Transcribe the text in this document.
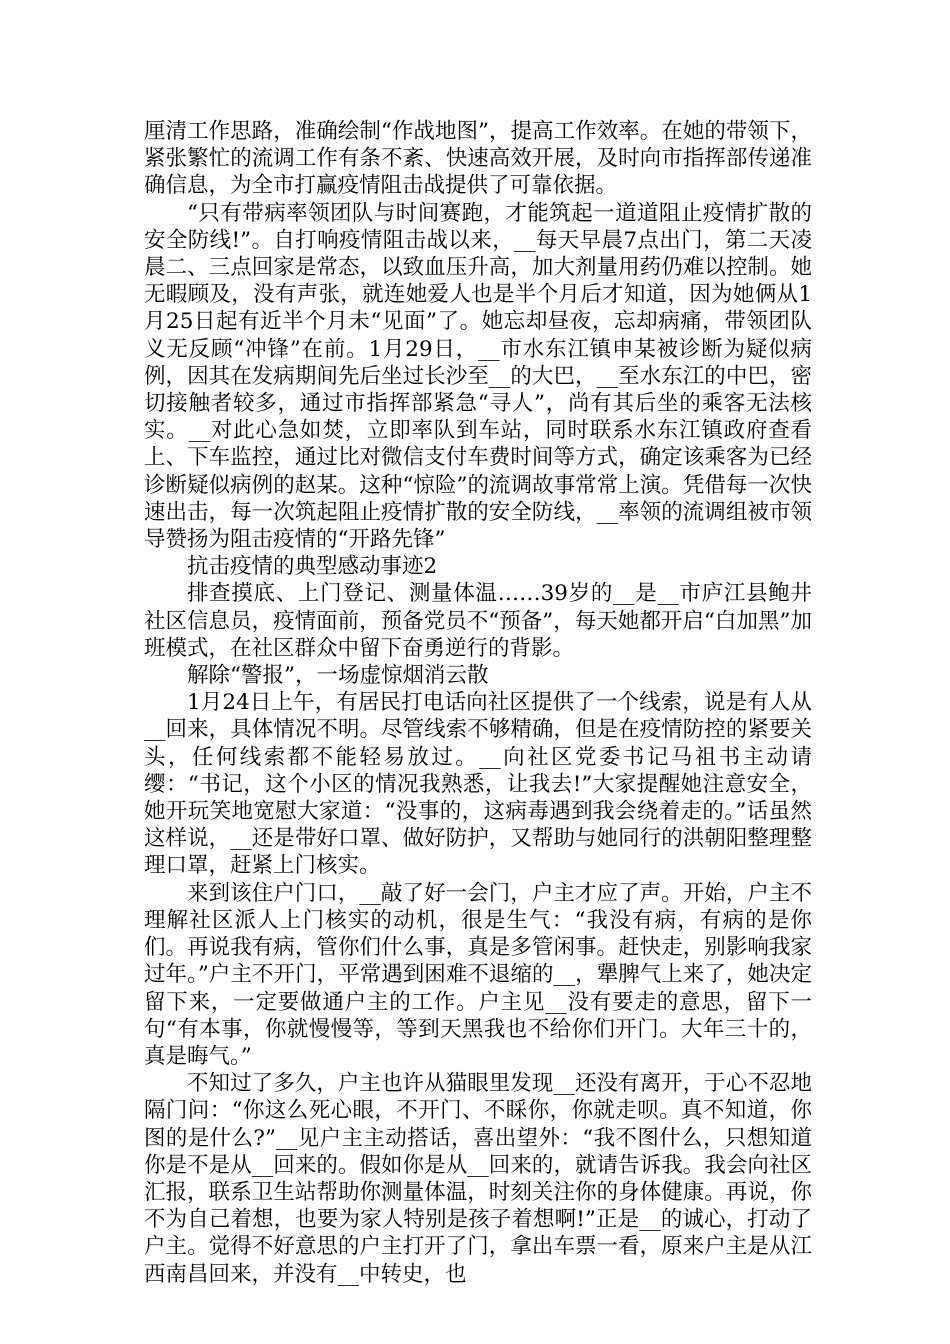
厘清工作思路，准确绘制“作战地图”，提高工作效率。在她的带领下，紧张繁忙的流调工作有条不紊、快速高效开展，及时向市指挥部传递准确信息，为全市打赢疫情阻击战提供了可靠依据。

“只有带病率领团队与时间赛跑，才能筑起一道道阻止疫情扩散的安全防线!”。自打响疫情阻击战以来，__每天早晨7点出门，第二天凌晨二、三点回家是常态，以致血压升高，加大剂量用药仍难以控制。她无暇顾及，没有声张，就连她爱人也是半个月后才知道，因为她俩从1月25日起有近半个月未“见面”了。她忘却昼夜，忘却病痛，带领团队义无反顾“冲锋”在前。1月29日，__市水东江镇申某被诊断为疑似病例，因其在发病期间先后坐过长沙至__的大巴，__至水东江的中巴，密切接触者较多，通过市指挥部紧急“寻人”，尚有其后坐的乘客无法核实。__对此心急如焚，立即率队到车站，同时联系水东江镇政府查看上、下车监控，通过比对微信支付车费时间等方式，确定该乘客为已经诊断疑似病例的赵某。这种“惊险”的流调故事常常上演。凭借每一次快速出击，每一次筑起阻止疫情扩散的安全防线，__率领的流调组被市领导赞扬为阻击疫情的“开路先锋”

抗击疫情的典型感动事迹2

排查摸底、上门登记、测量体温……39岁的__是__市庐江县鲍井社区信息员，疫情面前，预备党员不“预备”，每天她都开启“白加黑”加班模式，在社区群众中留下奋勇逆行的背影。

解除“警报”，一场虚惊烟消云散

1月24日上午，有居民打电话向社区提供了一个线索，说是有人从__回来，具体情况不明。尽管线索不够精确，但是在疫情防控的紧要关头，任何线索都不能轻易放过。__向社区党委书记马祖书主动请缨：“书记，这个小区的情况我熟悉，让我去!”大家提醒她注意安全，她开玩笑地宽慰大家道：“没事的，这病毒遇到我会绕着走的。”话虽然这样说，__还是带好口罩、做好防护，又帮助与她同行的洪朝阳整理整理口罩，赶紧上门核实。

来到该住户门口，__敲了好一会门，户主才应了声。开始，户主不理解社区派人上门核实的动机，很是生气：“我没有病，有病的是你们。再说我有病，管你们什么事，真是多管闲事。赶快走，别影响我家过年。”户主不开门，平常遇到困难不退缩的__，犟脾气上来了，她决定留下来，一定要做通户主的工作。户主见__没有要走的意思，留下一句“有本事，你就慢慢等，等到天黑我也不给你们开门。大年三十的，真是晦气。”

不知过了多久，户主也许从猫眼里发现__还没有离开，于心不忍地隔门问：“你这么死心眼，不开门、不睬你，你就走呗。真不知道，你图的是什么?”__见户主主动搭话，喜出望外：“我不图什么，只想知道你是不是从__回来的。假如你是从__回来的，就请告诉我。我会向社区汇报，联系卫生站帮助你测量体温，时刻关注你的身体健康。再说，你不为自己着想，也要为家人特别是孩子着想啊!”正是__的诚心，打动了户主。觉得不好意思的户主打开了门，拿出车票一看，原来户主是从江西南昌回来，并没有__中转史，也
